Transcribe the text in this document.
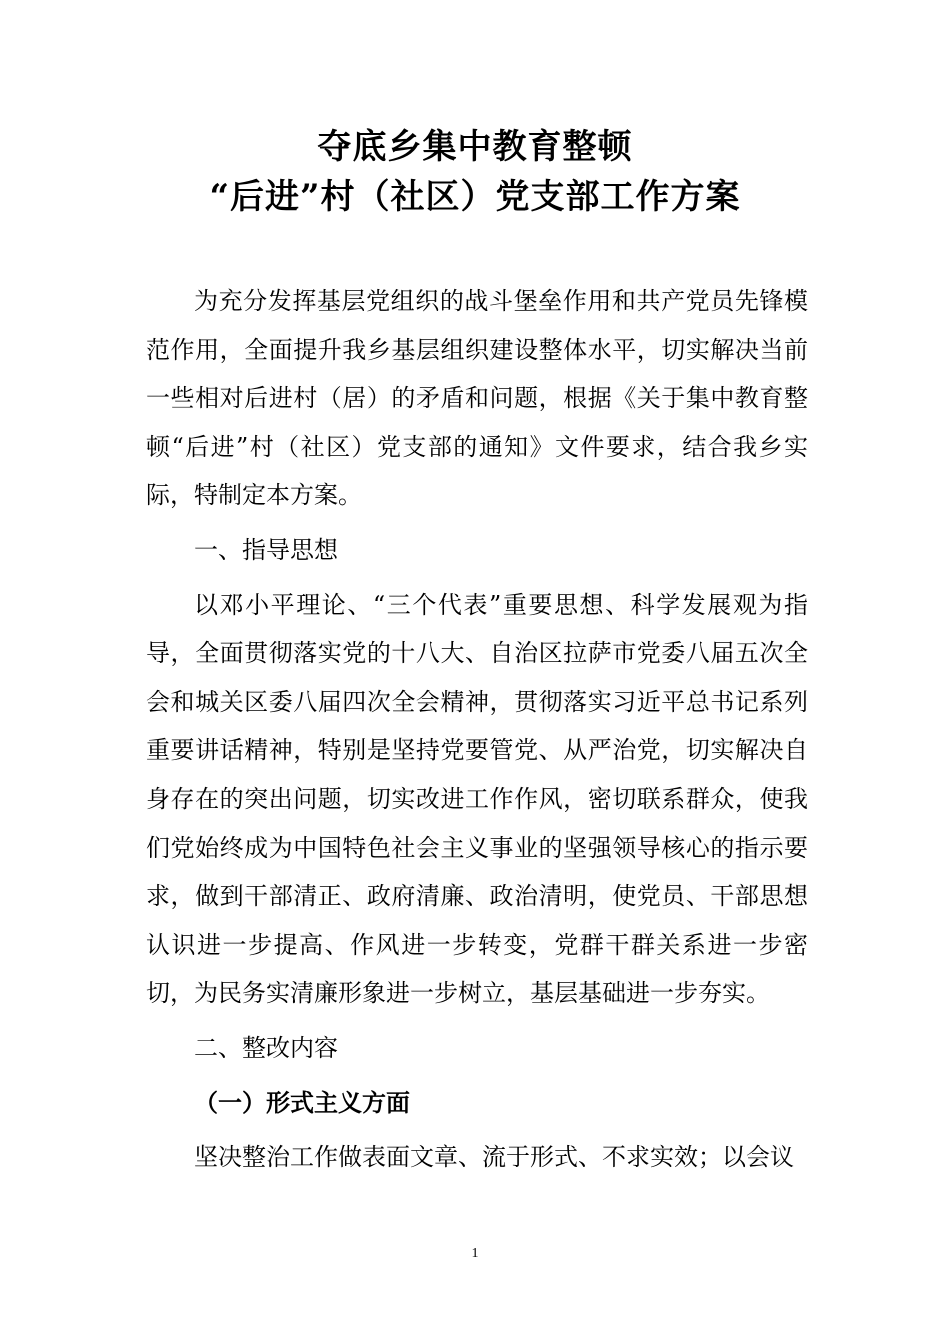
夺底乡集中教育整顿
“后进”村（社区）党支部工作方案

为充分发挥基层党组织的战斗堡垒作用和共产党员先锋模范作用，全面提升我乡基层组织建设整体水平，切实解决当前一些相对后进村（居）的矛盾和问题，根据《关于集中教育整顿“后进”村（社区）党支部的通知》文件要求，结合我乡实际，特制定本方案。

一、指导思想

以邓小平理论、“三个代表”重要思想、科学发展观为指导，全面贯彻落实党的十八大、自治区拉萨市党委八届五次全会和城关区委八届四次全会精神，贯彻落实习近平总书记系列重要讲话精神，特别是坚持党要管党、从严治党，切实解决自身存在的突出问题，切实改进工作作风，密切联系群众，使我们党始终成为中国特色社会主义事业的坚强领导核心的指示要求，做到干部清正、政府清廉、政治清明，使党员、干部思想认识进一步提高、作风进一步转变，党群干群关系进一步密切，为民务实清廉形象进一步树立，基层基础进一步夯实。

二、整改内容

（一）形式主义方面

坚决整治工作做表面文章、流于形式、不求实效；以会议

1
